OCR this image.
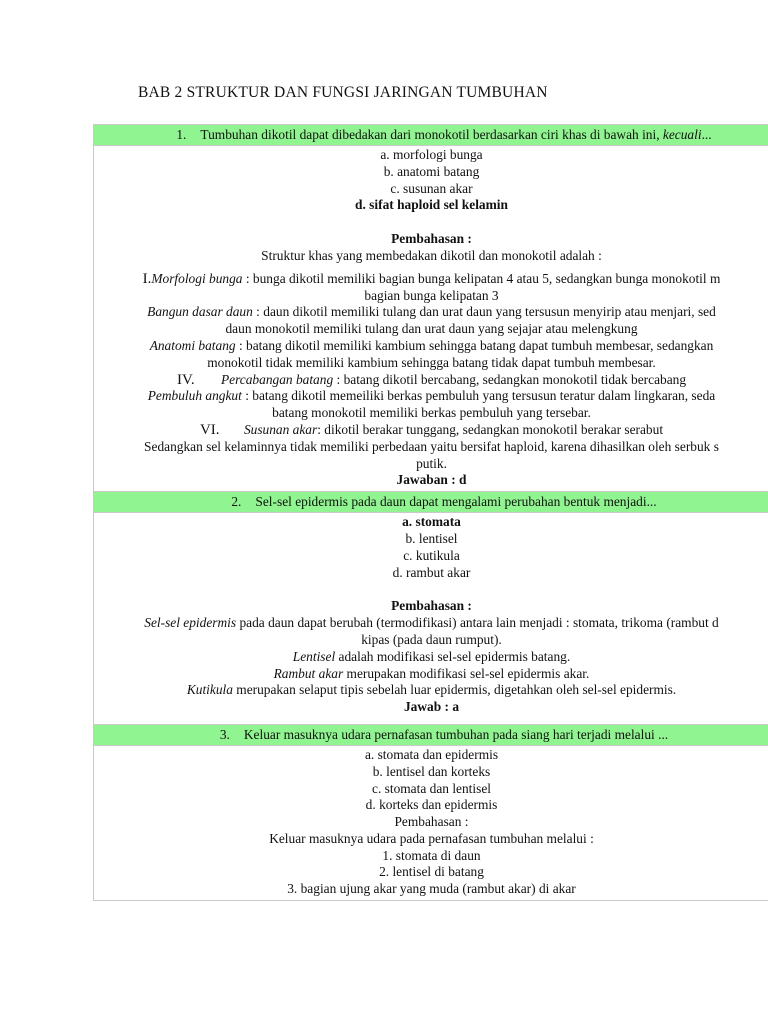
BAB 2 STRUKTUR DAN FUNGSI JARINGAN TUMBUHAN
1. Tumbuhan dikotil dapat dibedakan dari monokotil berdasarkan ciri khas di bawah ini, kecuali...
a. morfologi bunga
b. anatomi batang
c. susunan akar
d. sifat haploid sel kelamin
Pembahasan :
Struktur khas yang membedakan dikotil dan monokotil adalah :
I.Morfologi bunga : bunga dikotil memiliki bagian bunga kelipatan 4 atau 5, sedangkan bunga monokotil m
bagian bunga kelipatan 3
Bangun dasar daun : daun dikotil memiliki tulang dan urat daun yang tersusun menyirip atau menjari, sed
daun monokotil memiliki tulang dan urat daun yang sejajar atau melengkung
Anatomi batang : batang dikotil memiliki kambium sehingga batang dapat tumbuh membesar, sedangkan
monokotil tidak memiliki kambium sehingga batang tidak dapat tumbuh membesar.
IV. Percabangan batang : batang dikotil bercabang, sedangkan monokotil tidak bercabang
Pembuluh angkut : batang dikotil memeiliki berkas pembuluh yang tersusun teratur dalam lingkaran, seda
batang monokotil memiliki berkas pembuluh yang tersebar.
VI. Susunan akar: dikotil berakar tunggang, sedangkan monokotil berakar serabut
Sedangkan sel kelaminnya tidak memiliki perbedaan yaitu bersifat haploid, karena dihasilkan oleh serbuk s
putik.
Jawaban : d
2. Sel-sel epidermis pada daun dapat mengalami perubahan bentuk menjadi...
a. stomata
b. lentisel
c. kutikula
d. rambut akar
Pembahasan :
Sel-sel epidermis pada daun dapat berubah (termodifikasi) antara lain menjadi : stomata, trikoma (rambut d
kipas (pada daun rumput).
Lentisel adalah modifikasi sel-sel epidermis batang.
Rambut akar merupakan modifikasi sel-sel epidermis akar.
Kutikula merupakan selaput tipis sebelah luar epidermis, digetahkan oleh sel-sel epidermis.
Jawab : a
3. Keluar masuknya udara pernafasan tumbuhan pada siang hari terjadi melalui ...
a. stomata dan epidermis
b. lentisel dan korteks
c. stomata dan lentisel
d. korteks dan epidermis
Pembahasan :
Keluar masuknya udara pada pernafasan tumbuhan melalui :
1. stomata di daun
2. lentisel di batang
3. bagian ujung akar yang muda (rambut akar) di akar
